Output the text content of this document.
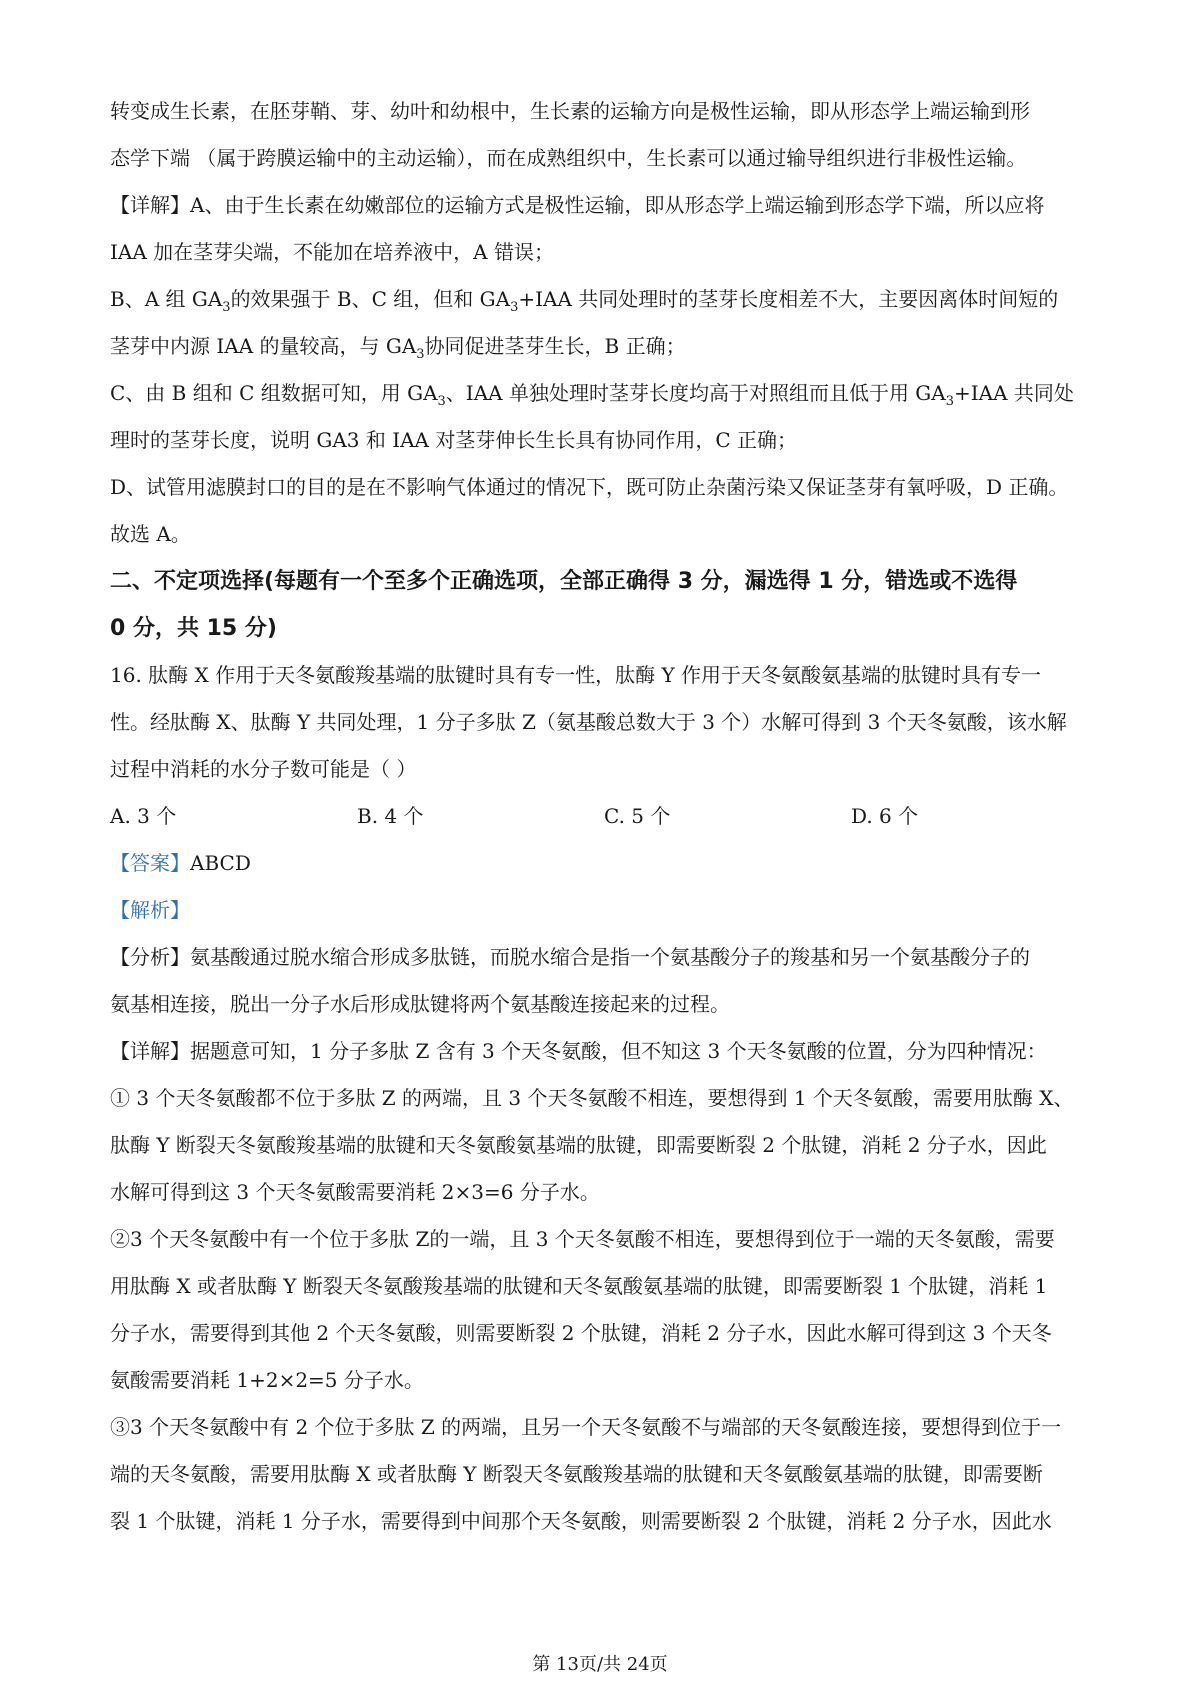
转变成生长素，在胚芽鞘、芽、幼叶和幼根中，生长素的运输方向是极性运输，即从形态学上端运输到形

态学下端 （属于跨膜运输中的主动运输），而在成熟组织中，生长素可以通过输导组织进行非极性运输。

【详解】A、由于生长素在幼嫩部位的运输方式是极性运输，即从形态学上端运输到形态学下端，所以应将

IAA 加在茎芽尖端，不能加在培养液中，A 错误；

B、A 组 $GA_3$的效果强于 B、C 组，但和 $GA_3+IAA$ 共同处理时的茎芽长度相差不大，主要因离体时间短的

茎芽中内源 IAA 的量较高，与 $GA_3$协同促进茎芽生长，B 正确；

C、由 B 组和 C 组数据可知，用 $GA_3$、IAA 单独处理时茎芽长度均高于对照组而且低于用 $GA_3+IAA$ 共同处

理时的茎芽长度，说明 GA3 和 IAA 对茎芽伸长生长具有协同作用，C 正确；

D、试管用滤膜封口的目的是在不影响气体通过的情况下，既可防止杂菌污染又保证茎芽有氧呼吸，D 正确。

故选 A。

二、不定项选择(每题有一个至多个正确选项，全部正确得 3 分，漏选得 1 分，错选或不选得

0 分，共 15 分)

16. 肽酶 X 作用于天冬氨酸羧基端的肽键时具有专一性，肽酶 Y 作用于天冬氨酸氨基端的肽键时具有专一

性。经肽酶 X、肽酶 Y 共同处理，1 分子多肽 Z（氨基酸总数大于 3 个）水解可得到 3 个天冬氨酸，该水解

过程中消耗的水分子数可能是（ ）

A. 3 个	B. 4 个	C. 5 个	D. 6 个

【答案】ABCD

【解析】

【分析】氨基酸通过脱水缩合形成多肽链，而脱水缩合是指一个氨基酸分子的羧基和另一个氨基酸分子的

氨基相连接，脱出一分子水后形成肽键将两个氨基酸连接起来的过程。

【详解】据题意可知，1 分子多肽 Z 含有 3 个天冬氨酸，但不知这 3 个天冬氨酸的位置，分为四种情况：

① 3 个天冬氨酸都不位于多肽 Z 的两端，且 3 个天冬氨酸不相连，要想得到 1 个天冬氨酸，需要用肽酶 X、

肽酶 Y 断裂天冬氨酸羧基端的肽键和天冬氨酸氨基端的肽键，即需要断裂 2 个肽键，消耗 2 分子水，因此

水解可得到这 3 个天冬氨酸需要消耗 2×3=6 分子水。

②3 个天冬氨酸中有一个位于多肽 Z的一端，且 3 个天冬氨酸不相连，要想得到位于一端的天冬氨酸，需要

用肽酶 X 或者肽酶 Y 断裂天冬氨酸羧基端的肽键和天冬氨酸氨基端的肽键，即需要断裂 1 个肽键，消耗 1

分子水，需要得到其他 2 个天冬氨酸，则需要断裂 2 个肽键，消耗 2 分子水，因此水解可得到这 3 个天冬

氨酸需要消耗 1+2×2=5 分子水。

③3 个天冬氨酸中有 2 个位于多肽 Z 的两端，且另一个天冬氨酸不与端部的天冬氨酸连接，要想得到位于一

端的天冬氨酸，需要用肽酶 X 或者肽酶 Y 断裂天冬氨酸羧基端的肽键和天冬氨酸氨基端的肽键，即需要断

裂 1 个肽键，消耗 1 分子水，需要得到中间那个天冬氨酸，则需要断裂 2 个肽键，消耗 2 分子水，因此水

第 13页/共 24页
